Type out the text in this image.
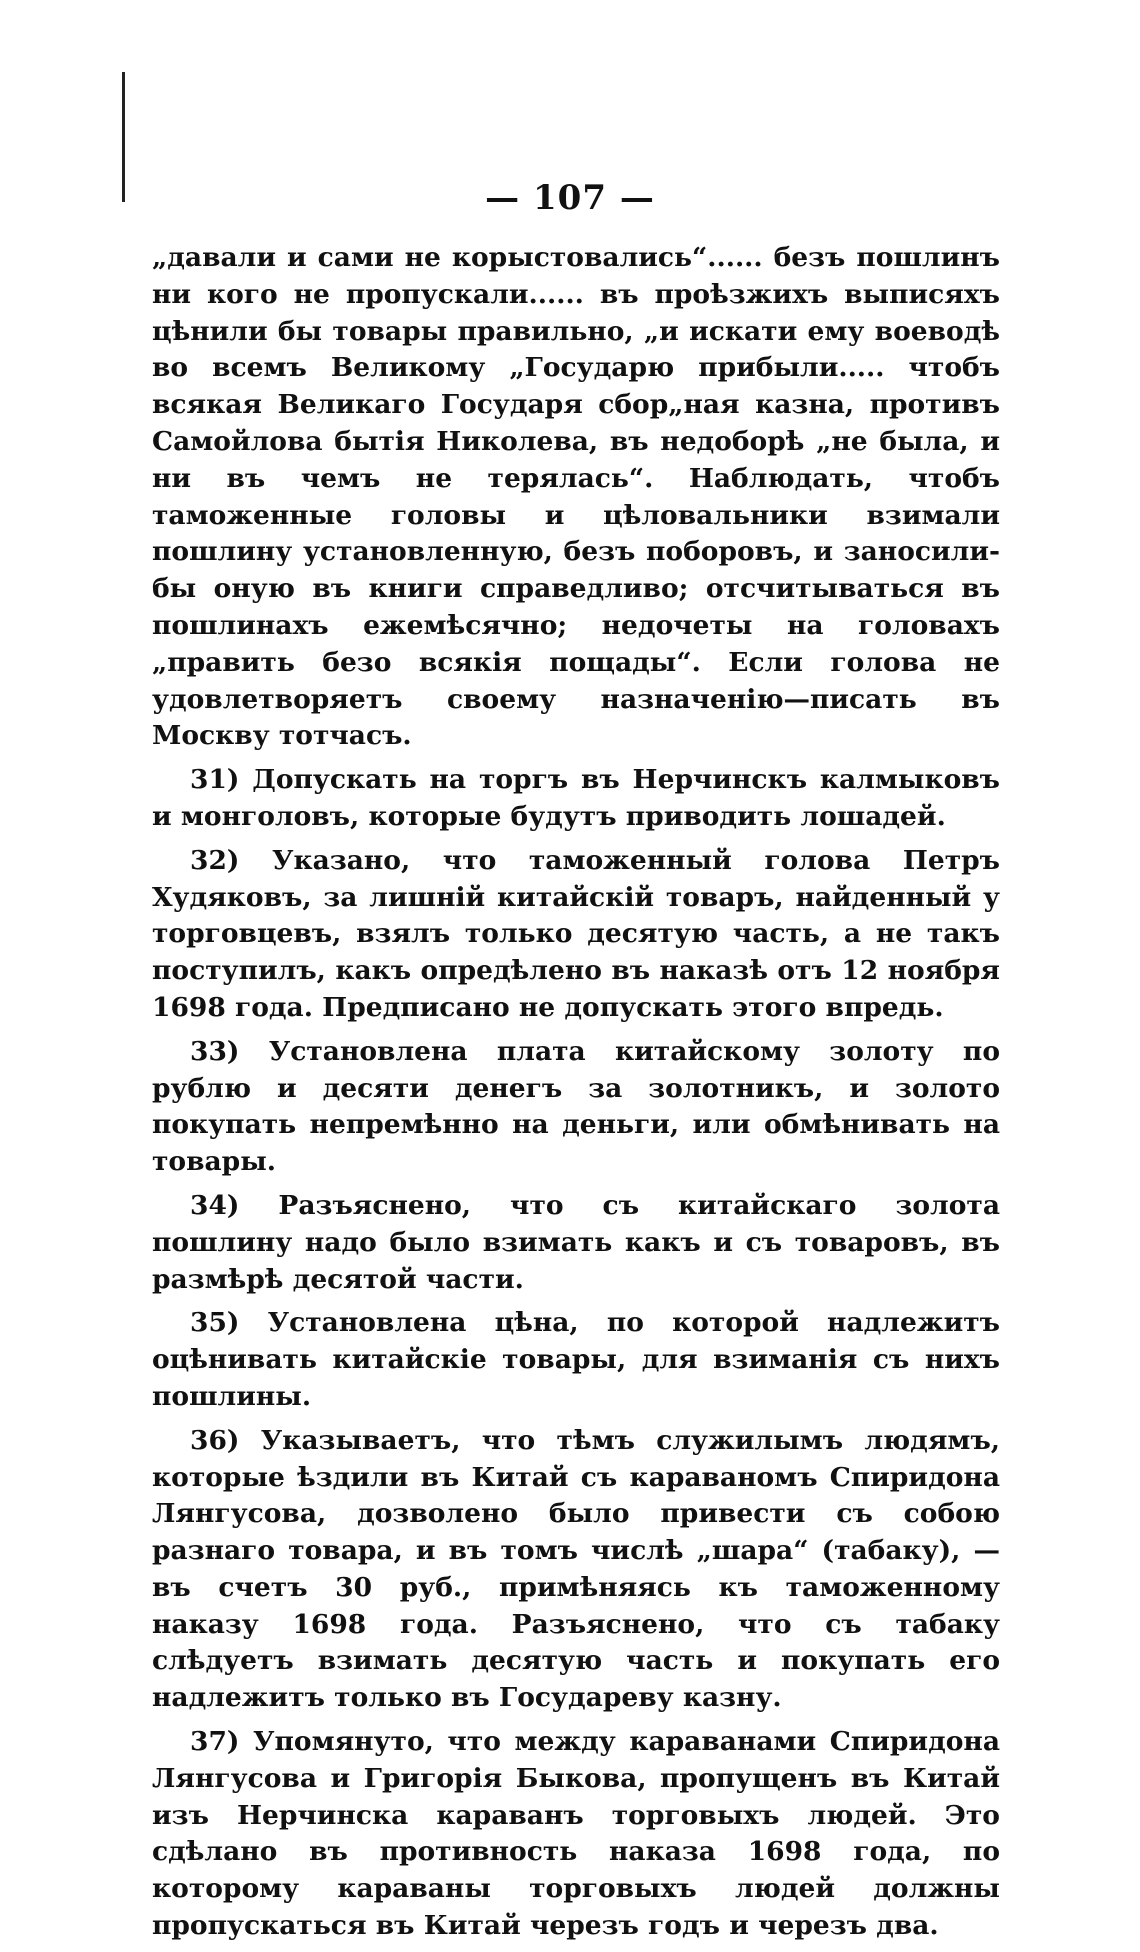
— 107 —

„давали и сами не корыстовались“...... безъ пошлинъ ни кого не пропускали...... въ проѣзжихъ выписяхъ цѣнили бы товары правильно, „и искати ему воеводѣ во всемъ Великому „Государю прибыли..... чтобъ всякая Великаго Государя сбор„ная казна, противъ Самойлова бытія Николева, въ недоборѣ „не была, и ни въ чемъ не терялась“. Наблюдать, чтобъ таможенные головы и цѣловальники взимали пошлину установленную, безъ поборовъ, и заносили-бы оную въ книги справедливо; отсчитываться въ пошлинахъ ежемѣсячно; недочеты на головахъ „править безо всякія пощады“. Если голова не удовлетворяетъ своему назначенію—писать въ Москву тотчасъ.

31) Допускать на торгъ въ Нерчинскъ калмыковъ и монголовъ, которые будутъ приводить лошадей.

32) Указано, что таможенный голова Петръ Худяковъ, за лишній китайскій товаръ, найденный у торговцевъ, взялъ только десятую часть, а не такъ поступилъ, какъ опредѣлено въ наказѣ отъ 12 ноября 1698 года. Предписано не допускать этого впредь.

33) Установлена плата китайскому золоту по рублю и десяти денегъ за золотникъ, и золото покупать непремѣнно на деньги, или обмѣнивать на товары.

34) Разъяснено, что съ китайскаго золота пошлину надо было взимать какъ и съ товаровъ, въ размѣрѣ десятой части.

35) Установлена цѣна, по которой надлежитъ оцѣнивать китайскіе товары, для взиманія съ нихъ пошлины.

36) Указываетъ, что тѣмъ служилымъ людямъ, которые ѣздили въ Китай съ караваномъ Спиридона Лянгусова, дозволено было привести съ собою разнаго товара, и въ томъ числѣ „шара“ (табаку), — въ счетъ 30 руб., примѣняясь къ таможенному наказу 1698 года. Разъяснено, что съ табаку слѣдуетъ взимать десятую часть и покупать его надлежитъ только въ Государеву казну.

37) Упомянуто, что между караванами Спиридона Лянгусова и Григорія Быкова, пропущенъ въ Китай изъ Нерчинска караванъ торговыхъ людей. Это сдѣлано въ противность наказа 1698 года, по которому караваны торговыхъ людей должны пропускаться въ Китай черезъ годъ и черезъ два.
